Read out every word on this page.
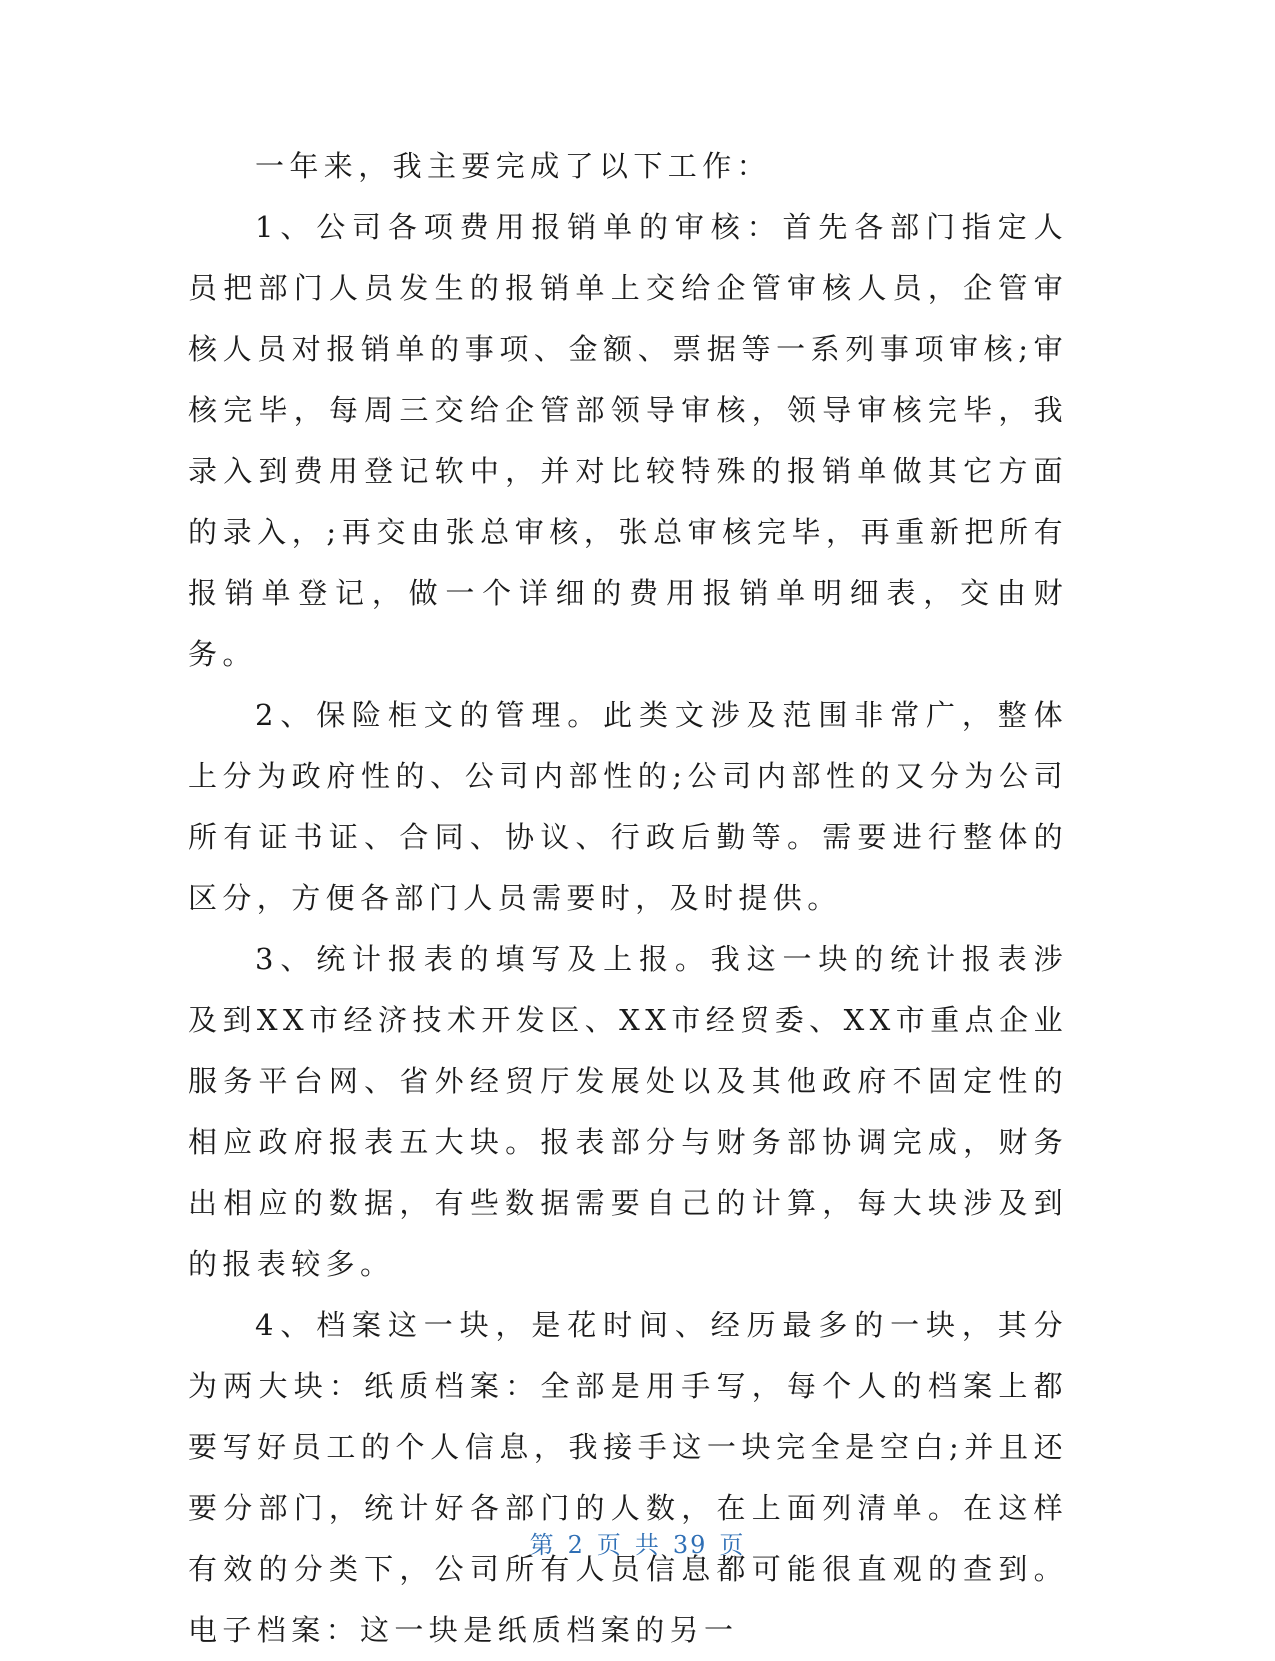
一年来，我主要完成了以下工作：

1、公司各项费用报销单的审核：首先各部门指定人员把部门人员发生的报销单上交给企管审核人员，企管审核人员对报销单的事项、金额、票据等一系列事项审核;审核完毕，每周三交给企管部领导审核，领导审核完毕，我录入到费用登记软中，并对比较特殊的报销单做其它方面的录入，;再交由张总审核，张总审核完毕，再重新把所有报销单登记，做一个详细的费用报销单明细表，交由财务。

2、保险柜文的管理。此类文涉及范围非常广，整体上分为政府性的、公司内部性的;公司内部性的又分为公司所有证书证、合同、协议、行政后勤等。需要进行整体的区分，方便各部门人员需要时，及时提供。

3、统计报表的填写及上报。我这一块的统计报表涉及到XX市经济技术开发区、XX市经贸委、XX市重点企业服务平台网、省外经贸厅发展处以及其他政府不固定性的相应政府报表五大块。报表部分与财务部协调完成，财务出相应的数据，有些数据需要自己的计算，每大块涉及到的报表较多。

4、档案这一块，是花时间、经历最多的一块，其分为两大块：纸质档案：全部是用手写，每个人的档案上都要写好员工的个人信息，我接手这一块完全是空白;并且还要分部门，统计好各部门的人数，在上面列清单。在这样有效的分类下，公司所有人员信息都可能很直观的查到。电子档案：这一块是纸质档案的另一

第 2 页 共 39 页
